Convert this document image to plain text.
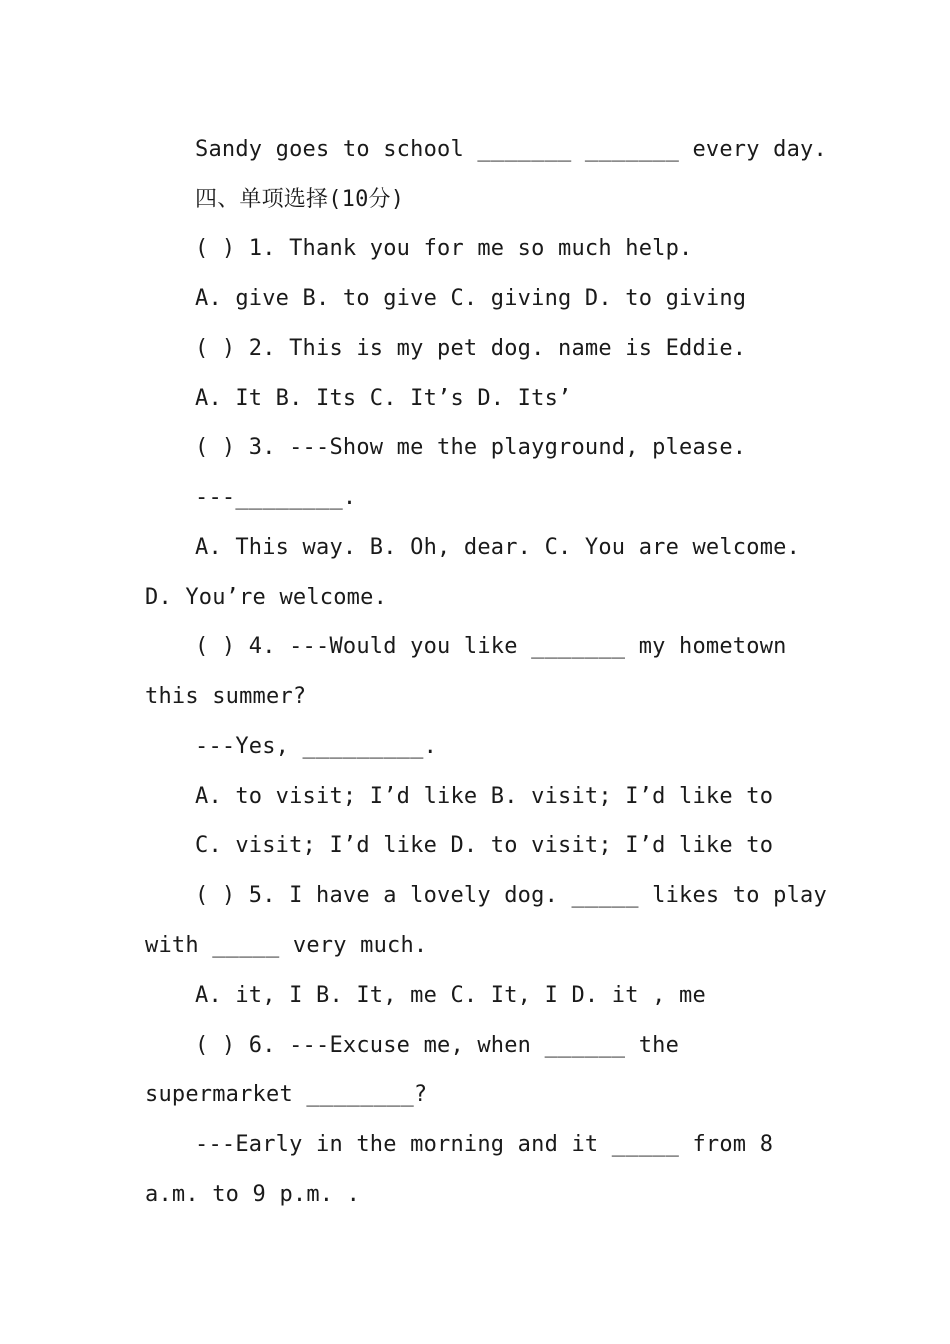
Sandy goes to school _______ _______ every day.
四、单项选择(10分)
( ) 1. Thank you for me so much help.
A. give B. to give C. giving D. to giving
( ) 2. This is my pet dog. name is Eddie.
A. It B. Its C. It’s D. Its’
( ) 3. ---Show me the playground, please.
---________.
A. This way. B. Oh, dear. C. You are welcome.
D. You’re welcome.
( ) 4. ---Would you like _______ my hometown
this summer?
---Yes, _________.
A. to visit; I’d like B. visit; I’d like to
C. visit; I’d like D. to visit; I’d like to
( ) 5. I have a lovely dog. _____ likes to play
with _____ very much.
A. it, I B. It, me C. It, I D. it , me
( ) 6. ---Excuse me, when ______ the
supermarket ________?
---Early in the morning and it _____ from 8
a.m. to 9 p.m. .
